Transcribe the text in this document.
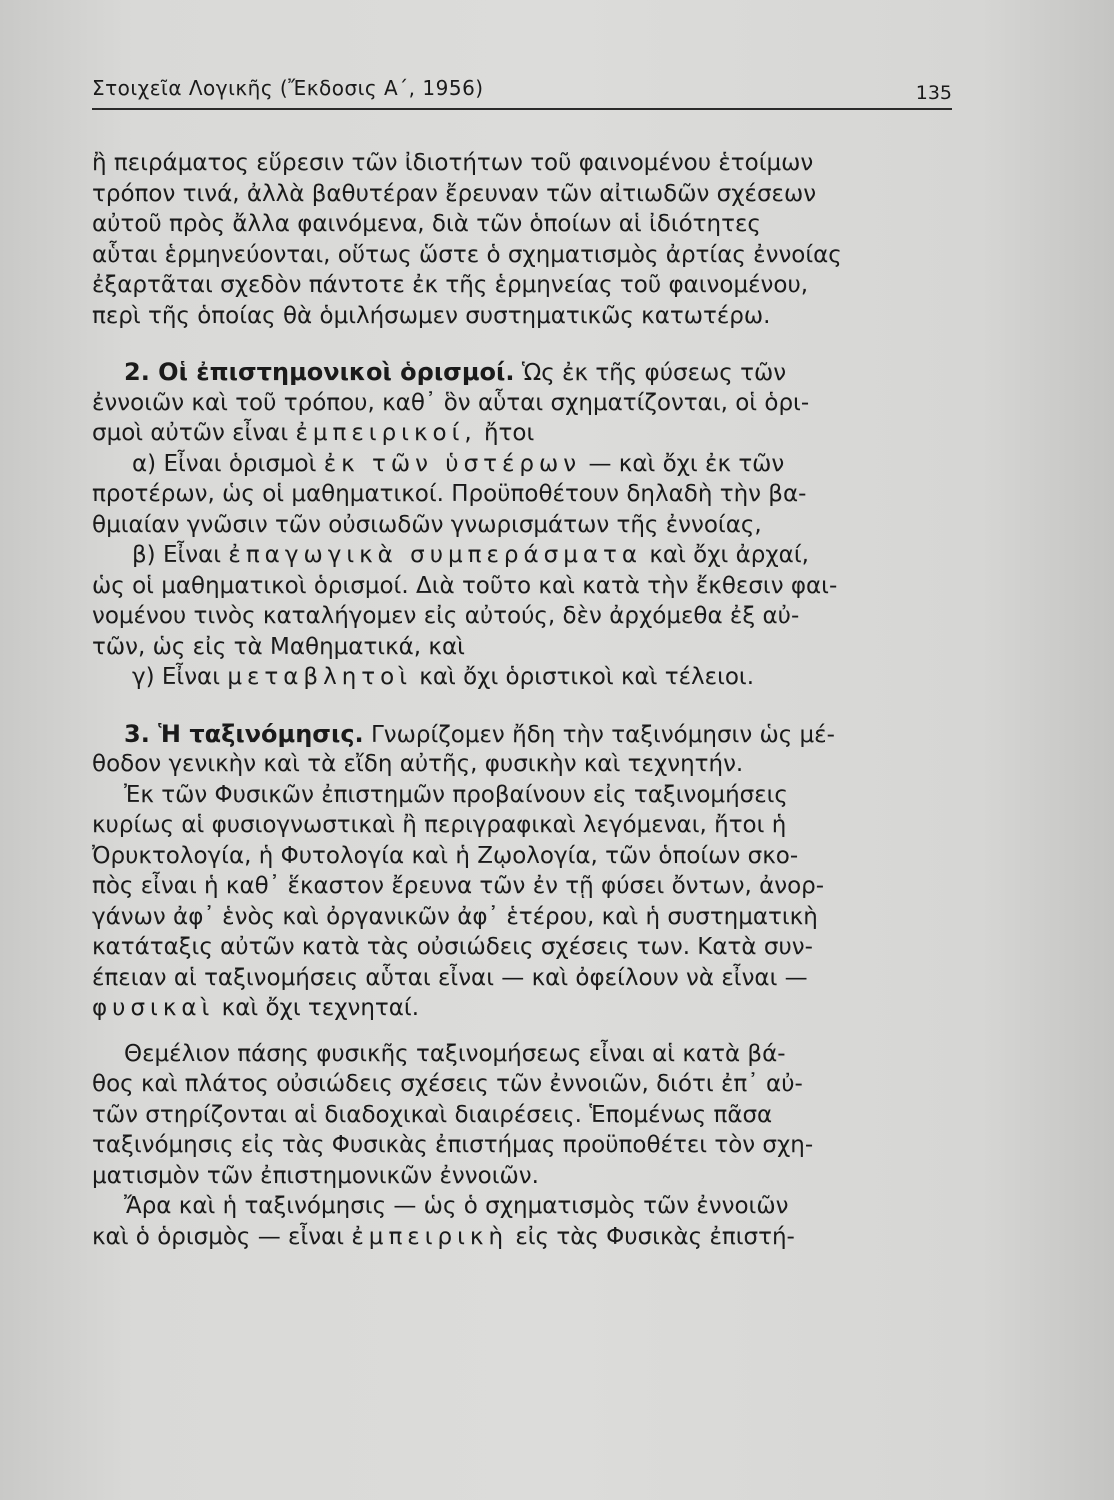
Στοιχεῖα Λογικῆς (Ἔκδοσις Α΄, 1956)	135
ἢ πειράματος εὕρεσιν τῶν ἰδιοτήτων τοῦ φαινομένου ἑτοίμων
τρόπον τινά, ἀλλὰ βαθυτέραν ἔρευναν τῶν αἰτιωδῶν σχέσεων
αὐτοῦ πρὸς ἄλλα φαινόμενα, διὰ τῶν ὁποίων αἱ ἰδιότητες
αὗται ἑρμηνεύονται, οὕτως ὥστε ὁ σχηματισμὸς ἀρτίας ἐννοίας
ἐξαρτᾶται σχεδὸν πάντοτε ἐκ τῆς ἑρμηνείας τοῦ φαινομένου,
περὶ τῆς ὁποίας θὰ ὁμιλήσωμεν συστηματικῶς κατωτέρω.
2. Οἱ ἐπιστημονικοὶ ὁρισμοί. Ὡς ἐκ τῆς φύσεως τῶν
ἐννοιῶν καὶ τοῦ τρόπου, καθ᾽ ὃν αὗται σχηματίζονται, οἱ ὁρι-
σμοὶ αὐτῶν εἶναι ἐμπειρικοί, ἤτοι
α) Εἶναι ὁρισμοὶ ἐκ τῶν ὑστέρων — καὶ ὄχι ἐκ τῶν
προτέρων, ὡς οἱ μαθηματικοί. Προϋποθέτουν δηλαδὴ τὴν βα-
θμιαίαν γνῶσιν τῶν οὐσιωδῶν γνωρισμάτων τῆς ἐννοίας,
β) Εἶναι ἐπαγωγικὰ συμπεράσματα καὶ ὄχι ἀρχαί,
ὡς οἱ μαθηματικοὶ ὁρισμοί. Διὰ τοῦτο καὶ κατὰ τὴν ἔκθεσιν φαι-
νομένου τινὸς καταλήγομεν εἰς αὐτούς, δὲν ἀρχόμεθα ἐξ αὐ-
τῶν, ὡς εἰς τὰ Μαθηματικά, καὶ
γ) Εἶναι μεταβλητοὶ καὶ ὄχι ὁριστικοὶ καὶ τέλειοι.
3. Ἡ ταξινόμησις. Γνωρίζομεν ἤδη τὴν ταξινόμησιν ὡς μέ-
θοδον γενικὴν καὶ τὰ εἴδη αὐτῆς, φυσικὴν καὶ τεχνητήν.
Ἐκ τῶν Φυσικῶν ἐπιστημῶν προβαίνουν εἰς ταξινομήσεις
κυρίως αἱ φυσιογνωστικαὶ ἢ περιγραφικαὶ λεγόμεναι, ἤτοι ἡ
Ὀρυκτολογία, ἡ Φυτολογία καὶ ἡ Ζῳολογία, τῶν ὁποίων σκο-
πὸς εἶναι ἡ καθ᾽ ἕκαστον ἔρευνα τῶν ἐν τῇ φύσει ὄντων, ἀνορ-
γάνων ἀφ᾽ ἑνὸς καὶ ὀργανικῶν ἀφ᾽ ἑτέρου, καὶ ἡ συστηματικὴ
κατάταξις αὐτῶν κατὰ τὰς οὐσιώδεις σχέσεις των. Κατὰ συν-
έπειαν αἱ ταξινομήσεις αὗται εἶναι — καὶ ὀφείλουν νὰ εἶναι —
φυσικαὶ καὶ ὄχι τεχνηταί.
Θεμέλιον πάσης φυσικῆς ταξινομήσεως εἶναι αἱ κατὰ βά-
θος καὶ πλάτος οὐσιώδεις σχέσεις τῶν ἐννοιῶν, διότι ἐπ᾽ αὐ-
τῶν στηρίζονται αἱ διαδοχικαὶ διαιρέσεις. Ἑπομένως πᾶσα
ταξινόμησις εἰς τὰς Φυσικὰς ἐπιστήμας προϋποθέτει τὸν σχη-
ματισμὸν τῶν ἐπιστημονικῶν ἐννοιῶν.
Ἄρα καὶ ἡ ταξινόμησις — ὡς ὁ σχηματισμὸς τῶν ἐννοιῶν
καὶ ὁ ὁρισμὸς — εἶναι ἐμπειρικὴ εἰς τὰς Φυσικὰς ἐπιστή-
